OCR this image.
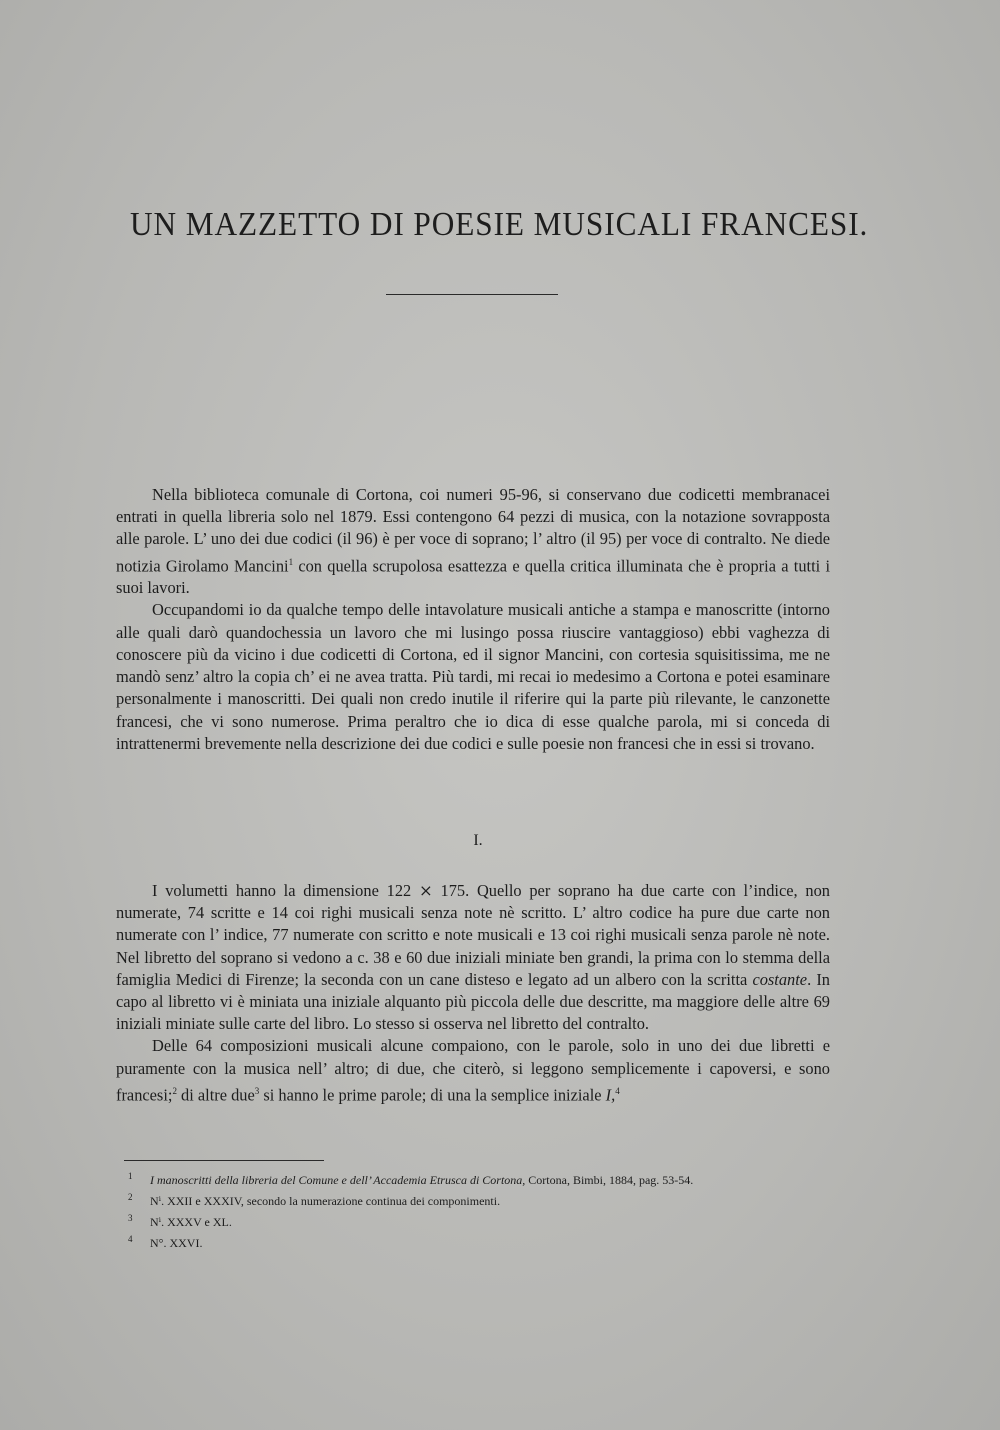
UN MAZZETTO DI POESIE MUSICALI FRANCESI.

Nella biblioteca comunale di Cortona, coi numeri 95-96, si conservano due codicetti membranacei entrati in quella libreria solo nel 1879. Essi contengono 64 pezzi di musica, con la notazione sovrapposta alle parole. L’ uno dei due codici (il 96) è per voce di soprano; l’ altro (il 95) per voce di contralto. Ne diede notizia Girolamo Mancini$^1$ con quella scrupolosa esattezza e quella critica illuminata che è propria a tutti i suoi lavori.

Occupandomi io da qualche tempo delle intavolature musicali antiche a stampa e manoscritte (intorno alle quali darò quandochessia un lavoro che mi lusingo possa riuscire vantaggioso) ebbi vaghezza di conoscere più da vicino i due codicetti di Cortona, ed il signor Mancini, con cortesia squisitissima, me ne mandò senz’ altro la copia ch’ ei ne avea tratta. Più tardi, mi recai io medesimo a Cortona e potei esaminare personalmente i manoscritti. Dei quali non credo inutile il riferire qui la parte più rilevante, le canzonette francesi, che vi sono numerose. Prima peraltro che io dica di esse qualche parola, mi si conceda di intrattenermi brevemente nella descrizione dei due codici e sulle poesie non francesi che in essi si trovano.

I.

I volumetti hanno la dimensione 122 ⨯ 175. Quello per soprano ha due carte con l’indice, non numerate, 74 scritte e 14 coi righi musicali senza note nè scritto. L’ altro codice ha pure due carte non numerate con l’ indice, 77 numerate con scritto e note musicali e 13 coi righi musicali senza parole nè note. Nel libretto del soprano si vedono a c. 38 e 60 due iniziali miniate ben grandi, la prima con lo stemma della famiglia Medici di Firenze; la seconda con un cane disteso e legato ad un albero con la scritta costante. In capo al libretto vi è miniata una iniziale alquanto più piccola delle due descritte, ma maggiore delle altre 69 iniziali miniate sulle carte del libro. Lo stesso si osserva nel libretto del contralto.

Delle 64 composizioni musicali alcune compaiono, con le parole, solo in uno dei due libretti e puramente con la musica nell’ altro; di due, che citerò, si leggono semplicemente i capoversi, e sono francesi;$^2$ di altre due$^3$ si hanno le prime parole; di una la semplice iniziale I,$^4$

1 I manoscritti della libreria del Comune e dell’ Accademia Etrusca di Cortona, Cortona, Bimbi, 1884, pag. 53-54.
2 Nⁱ. XXII e XXXIV, secondo la numerazione continua dei componimenti.
3 Nⁱ. XXXV e XL.
4 N°. XXVI.
